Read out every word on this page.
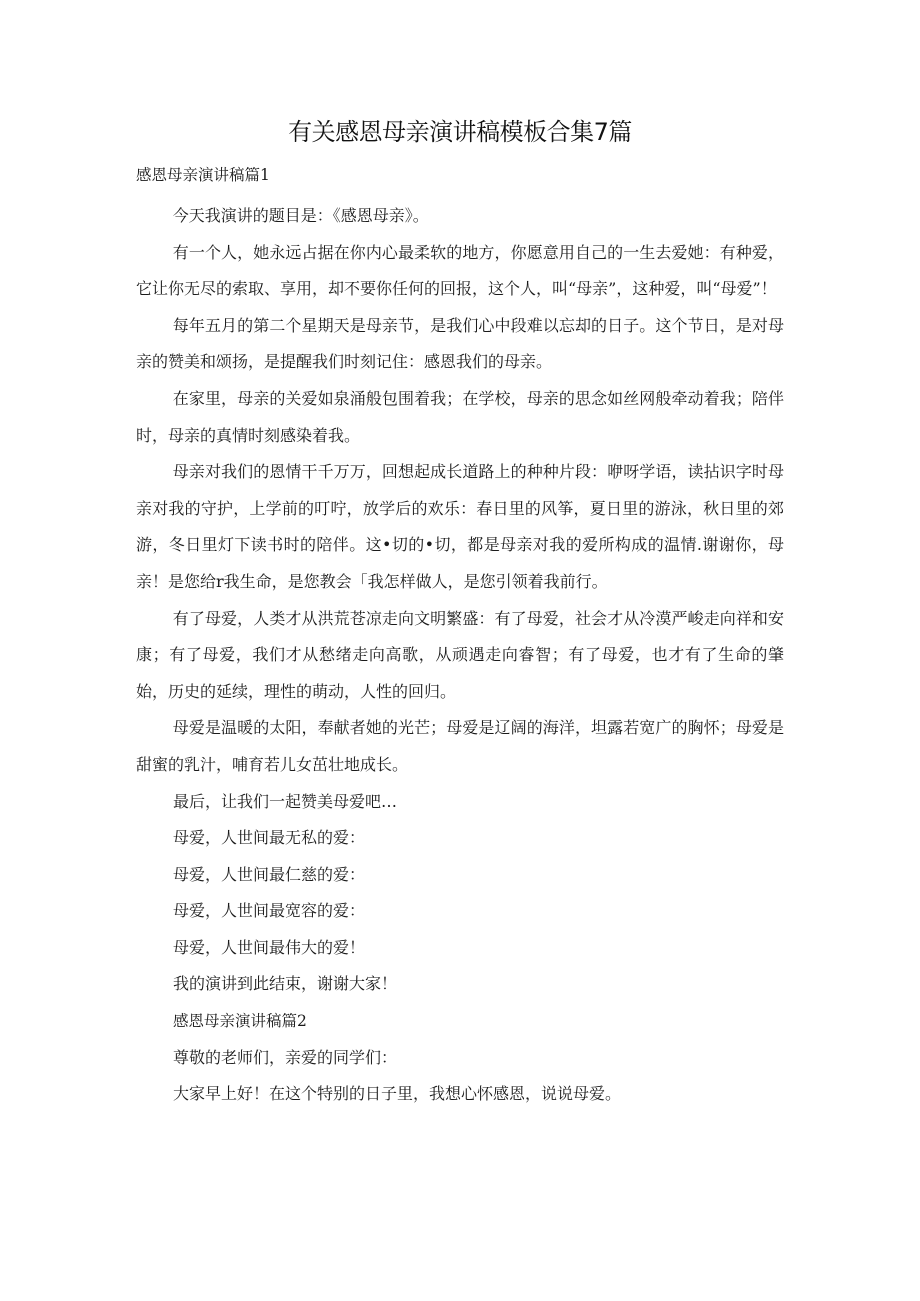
有关感恩母亲演讲稿模板合集7篇
感恩母亲演讲稿篇1

今天我演讲的题目是：《感恩母亲》。

有一个人，她永远占据在你内心最柔软的地方，你愿意用自己的一生去爱她：有种爱，它让你无尽的索取、享用，却不要你任何的回报，这个人，叫“母亲”，这种爱，叫“母爱”！

每年五月的第二个星期天是母亲节，是我们心中段难以忘却的日子。这个节日，是对母亲的赞美和颂扬，是提醒我们时刻记住：感恩我们的母亲。

在家里，母亲的关爱如泉涌般包围着我；在学校，母亲的思念如丝网般牵动着我；陪伴时，母亲的真情时刻感染着我。

母亲对我们的恩情干千万万，回想起成长道路上的种种片段：咿呀学语，读拈识字时母亲对我的守护，上学前的叮咛，放学后的欢乐：春日里的风筝，夏日里的游泳，秋日里的郊游，冬日里灯下读书时的陪伴。这•切的•切，都是母亲对我的爱所构成的温情.谢谢你，母亲！是您给r我生命，是您教会「我怎样做人，是您引领着我前行。

有了母爱，人类才从洪荒苍凉走向文明繁盛：有了母爱，社会才从冷漠严峻走向祥和安康；有了母爱，我们才从愁绪走向高歌，从顽遇走向睿智；有了母爱，也才有了生命的肇始，历史的延续，理性的萌动，人性的回归。

母爱是温暖的太阳，奉献者她的光芒；母爱是辽阔的海洋，坦露若宽广的胸怀；母爱是甜蜜的乳汁，哺育若儿女茁壮地成长。

最后，让我们一起赞美母爱吧…

母爱，人世间最无私的爱：

母爱，人世间最仁慈的爱：

母爱，人世间最宽容的爱：

母爱，人世间最伟大的爱！

我的演讲到此结束，谢谢大家！

感恩母亲演讲稿篇2

尊敬的老师们，亲爱的同学们：

大家早上好！在这个特别的日子里，我想心怀感恩，说说母爱。
